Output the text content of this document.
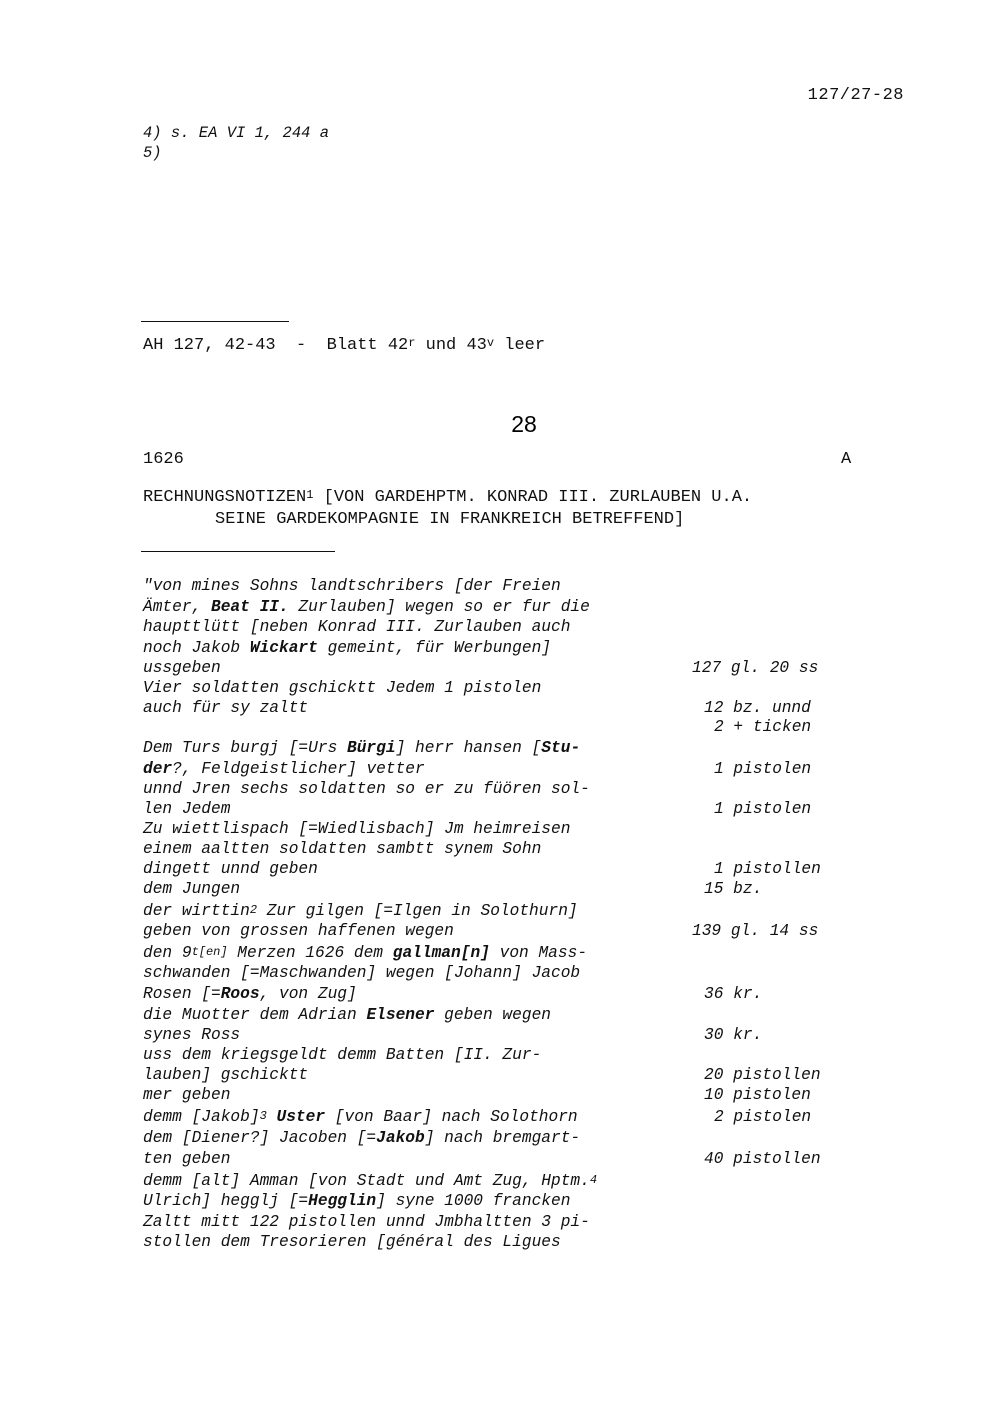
127/27-28
4) s. EA VI 1, 244 a
5)
AH 127, 42-43  -  Blatt 42$^r$ und 43$^v$ leer
28
1626	A
RECHNUNGSNOTIZEN$^1$ [VON GARDEHPTM. KONRAD III. ZURLAUBEN U.A.
SEINE GARDEKOMPAGNIE IN FRANKREICH BETREFFEND]
"von mines Sohns landtschribers [der Freien
Ämter, Beat II. Zurlauben] wegen so er fur die
haupttlütt [neben Konrad III. Zurlauben auch
noch Jakob Wickart gemeint, für Werbungen]
ussgeben
Vier soldatten gschicktt Jedem 1 pistolen
auch für sy zaltt
Dem Turs burgj [=Urs Bürgi] herr hansen [Stu-
der?, Feldgeistlicher] vetter
unnd Jren sechs soldatten so er zu füören sol-
len Jedem
Zu wiettlispach [=Wiedlisbach] Jm heimreisen
einem aaltten soldatten sambtt synem Sohn
dingett unnd geben
dem Jungen
der wirttin$^2$ Zur gilgen [=Ilgen in Solothurn]
geben von grossen haffenen wegen
den $9^{t[en]}$ Merzen 1626 dem gallman[n] von Mass-
schwanden [=Maschwanden] wegen [Johann] Jacob
Rosen [=Roos, von Zug]
die Muotter dem Adrian Elsener geben wegen
synes Ross
uss dem kriegsgeldt demm Batten [II. Zur-
lauben] gschicktt
mer geben
demm [Jakob]$^3$ Uster [von Baar] nach Solothorn
dem [Diener?] Jacoben [=Jakob] nach bremgart-
ten geben
demm [alt] Amman [von Stadt und Amt Zug, Hptm.$^4$
Ulrich] hegglj [=Hegglin] syne 1000 francken
Zaltt mitt 122 pistollen unnd Jmbhaltten 3 pi-
stollen dem Tresorieren [général des Ligues
127 gl. 20 ss
12 bz. unnd
2 + ticken
1 pistolen
1 pistolen
1 pistollen
15 bz.
139 gl. 14 ss
36 kr.
30 kr.
20 pistollen
10 pistolen
2 pistolen
40 pistollen
